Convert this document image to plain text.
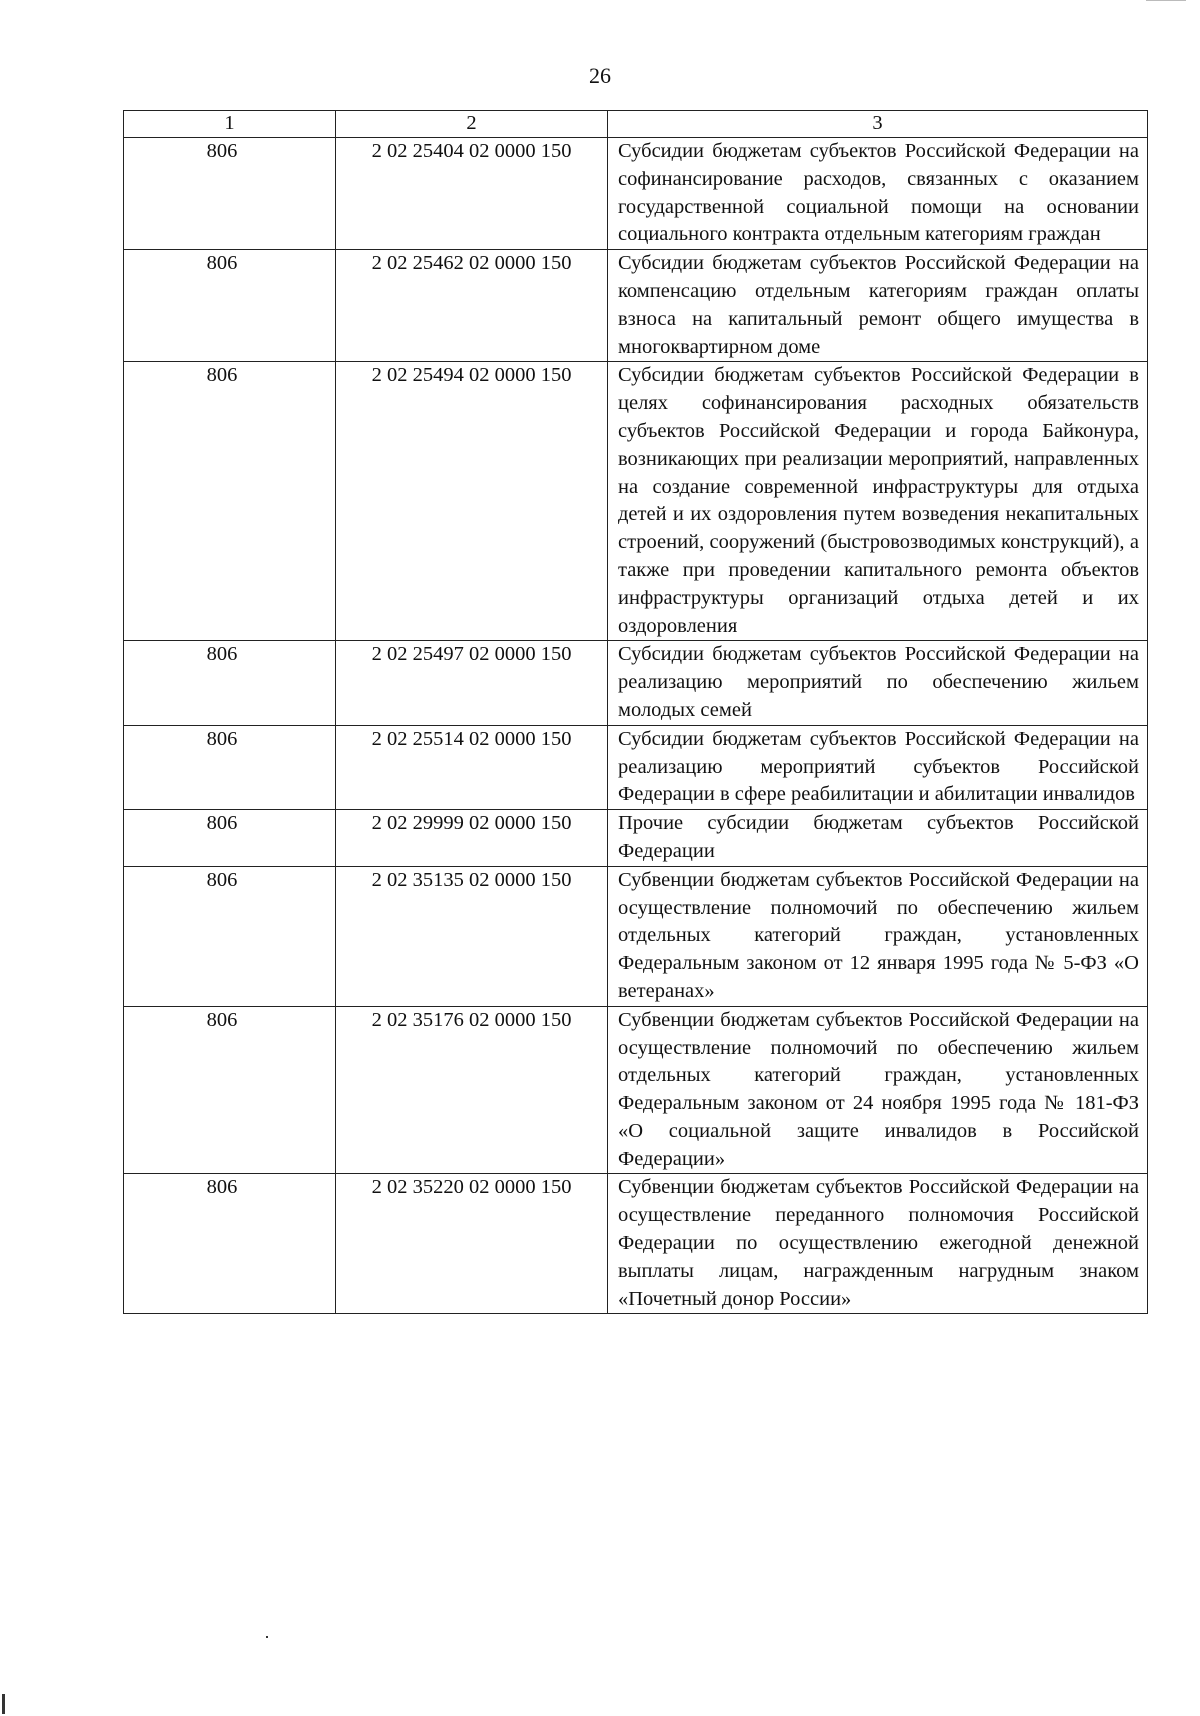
26
1	2	3
806	2 02 25404 02 0000 150	Субсидии бюджетам субъектов Российской Федерации на софинансирование расходов, связанных с оказанием государственной социальной помощи на основании социального контракта отдельным категориям граждан
806	2 02 25462 02 0000 150	Субсидии бюджетам субъектов Российской Федерации на компенсацию отдельным категориям граждан оплаты взноса на капитальный ремонт общего имущества в многоквартирном доме
806	2 02 25494 02 0000 150	Субсидии бюджетам субъектов Российской Федерации в целях софинансирования расходных обязательств субъектов Российской Федерации и города Байконура, возникающих при реализации мероприятий, направленных на создание современной инфраструктуры для отдыха детей и их оздоровления путем возведения некапитальных строений, сооружений (быстровозводимых конструкций), а также при проведении капитального ремонта объектов инфраструктуры организаций отдыха детей и их оздоровления
806	2 02 25497 02 0000 150	Субсидии бюджетам субъектов Российской Федерации на реализацию мероприятий по обеспечению жильем молодых семей
806	2 02 25514 02 0000 150	Субсидии бюджетам субъектов Российской Федерации на реализацию мероприятий субъектов Российской Федерации в сфере реабилитации и абилитации инвалидов
806	2 02 29999 02 0000 150	Прочие субсидии бюджетам субъектов Российской Федерации
806	2 02 35135 02 0000 150	Субвенции бюджетам субъектов Российской Федерации на осуществление полномочий по обеспечению жильем отдельных категорий граждан, установленных Федеральным законом от 12 января 1995 года № 5-ФЗ «О ветеранах»
806	2 02 35176 02 0000 150	Субвенции бюджетам субъектов Российской Федерации на осуществление полномочий по обеспечению жильем отдельных категорий граждан, установленных Федеральным законом от 24 ноября 1995 года № 181-ФЗ «О социальной защите инвалидов в Российской Федерации»
806	2 02 35220 02 0000 150	Субвенции бюджетам субъектов Российской Федерации на осуществление переданного полномочия Российской Федерации по осуществлению ежегодной денежной выплаты лицам, награжденным нагрудным знаком «Почетный донор России»
